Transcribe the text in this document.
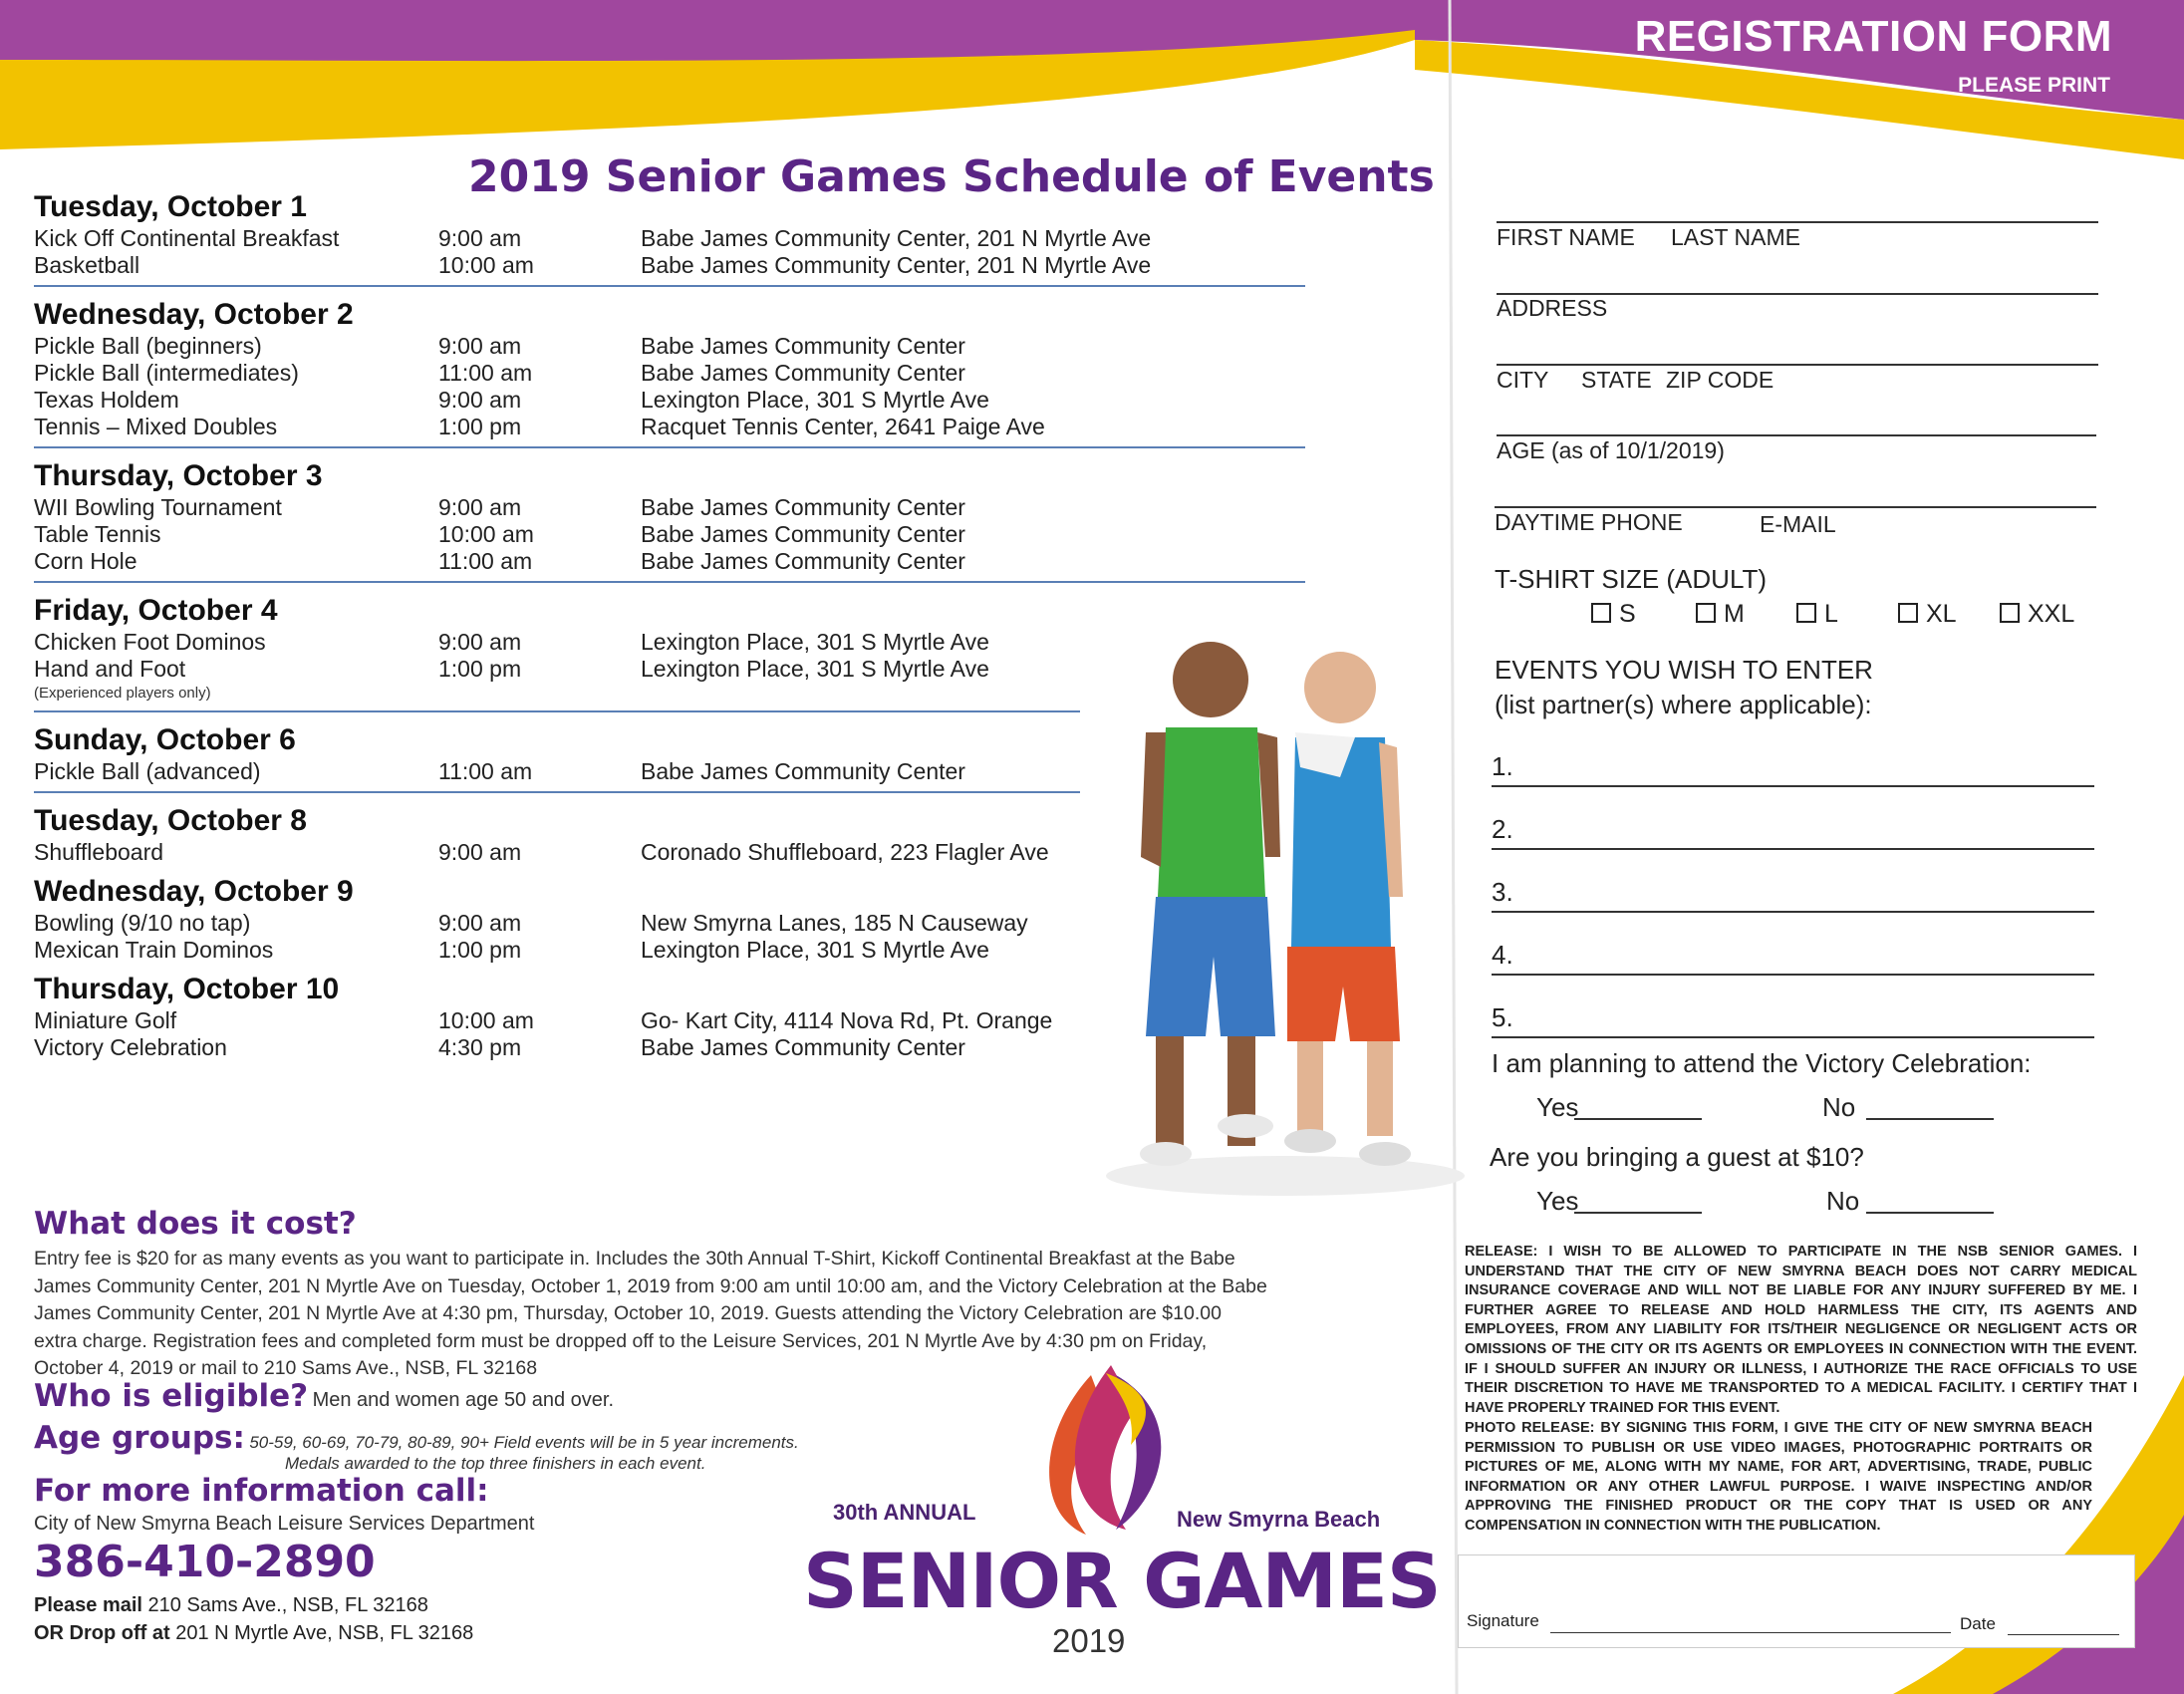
2019 Senior Games Schedule of Events
Tuesday, October 1
Kick Off Continental Breakfast	9:00 am	Babe James Community Center, 201 N Myrtle Ave
Basketball	10:00 am	Babe James Community Center, 201 N Myrtle Ave
Wednesday, October 2
Pickle Ball (beginners)	9:00 am	Babe James Community Center
Pickle Ball (intermediates)	11:00 am	Babe James Community Center
Texas Holdem	9:00 am	Lexington Place, 301 S Myrtle Ave
Tennis – Mixed Doubles	1:00 pm	Racquet Tennis Center, 2641 Paige Ave
Thursday, October 3
WII Bowling Tournament	9:00 am	Babe James Community Center
Table Tennis	10:00 am	Babe James Community Center
Corn Hole	11:00 am	Babe James Community Center
Friday, October 4
Chicken Foot Dominos	9:00 am	Lexington Place, 301 S Myrtle Ave
Hand and Foot	1:00 pm	Lexington Place, 301 S Myrtle Ave
(Experienced players only)
Sunday, October 6
Pickle Ball (advanced)	11:00 am	Babe James Community Center
Tuesday, October 8
Shuffleboard	9:00 am	Coronado Shuffleboard, 223 Flagler Ave
Wednesday, October 9
Bowling (9/10 no tap)	9:00 am	New Smyrna Lanes, 185 N Causeway
Mexican Train Dominos	1:00 pm	Lexington Place, 301 S Myrtle Ave
Thursday, October 10
Miniature Golf	10:00 am	Go- Kart City, 4114 Nova Rd, Pt. Orange
Victory Celebration	4:30 pm	Babe James Community Center
What does it cost?
Entry fee is $20 for as many events as you want to participate in. Includes the 30th Annual T-Shirt, Kickoff Continental Breakfast at the Babe James Community Center, 201 N Myrtle Ave on Tuesday, October 1, 2019 from 9:00 am until 10:00 am, and the Victory Celebration at the Babe James Community Center, 201 N Myrtle Ave at 4:30 pm, Thursday, October 10, 2019. Guests attending the Victory Celebration are $10.00 extra charge. Registration fees and completed form must be dropped off to the Leisure Services, 201 N Myrtle Ave by 4:30 pm on Friday, October 4, 2019 or mail to 210 Sams Ave., NSB, FL 32168
Who is eligible? Men and women age 50 and over.
Age groups: 50-59, 60-69, 70-79, 80-89, 90+ Field events will be in 5 year increments.
Medals awarded to the top three finishers in each event.
For more information call:
City of New Smyrna Beach Leisure Services Department
386-410-2890
Please mail 210 Sams Ave., NSB, FL 32168
OR Drop off at 201 N Myrtle Ave, NSB, FL 32168
30th ANNUAL	New Smyrna Beach
SENIOR GAMES
2019
REGISTRATION FORM
PLEASE PRINT
FIRST NAME LAST NAME
ADDRESS
CITY STATE ZIP CODE
AGE (as of 10/1/2019)
DAYTIME PHONE	E-MAIL
T-SHIRT SIZE (ADULT)
S	M	L	XL	XXL
EVENTS YOU WISH TO ENTER
(list partner(s) where applicable):
1.
2.
3.
4.
5.
I am planning to attend the Victory Celebration:
Yes	No
Are you bringing a guest at $10?
Yes	No
RELEASE: I WISH TO BE ALLOWED TO PARTICIPATE IN THE NSB SENIOR GAMES. I UNDERSTAND THAT THE CITY OF NEW SMYRNA BEACH DOES NOT CARRY MEDICAL INSURANCE COVERAGE AND WILL NOT BE LIABLE FOR ANY INJURY SUFFERED BY ME. I FURTHER AGREE TO RELEASE AND HOLD HARMLESS THE CITY, ITS AGENTS AND EMPLOYEES, FROM ANY LIABILITY FOR ITS/THEIR NEGLIGENCE OR NEGLIGENT ACTS OR OMISSIONS OF THE CITY OR ITS AGENTS OR EMPLOYEES IN CONNECTION WITH THE EVENT. IF I SHOULD SUFFER AN INJURY OR ILLNESS, I AUTHORIZE THE RACE OFFICIALS TO USE THEIR DISCRETION TO HAVE ME TRANSPORTED TO A MEDICAL FACILITY. I CERTIFY THAT I HAVE PROPERLY TRAINED FOR THIS EVENT.
PHOTO RELEASE: BY SIGNING THIS FORM, I GIVE THE CITY OF NEW SMYRNA BEACH PERMISSION TO PUBLISH OR USE VIDEO IMAGES, PHOTOGRAPHIC PORTRAITS OR PICTURES OF ME, ALONG WITH MY NAME, FOR ART, ADVERTISING, TRADE, PUBLIC INFORMATION OR ANY OTHER LAWFUL PURPOSE. I WAIVE INSPECTING AND/OR APPROVING THE FINISHED PRODUCT OR THE COPY THAT IS USED OR ANY COMPENSATION IN CONNECTION WITH THE PUBLICATION.
Signature	Date
